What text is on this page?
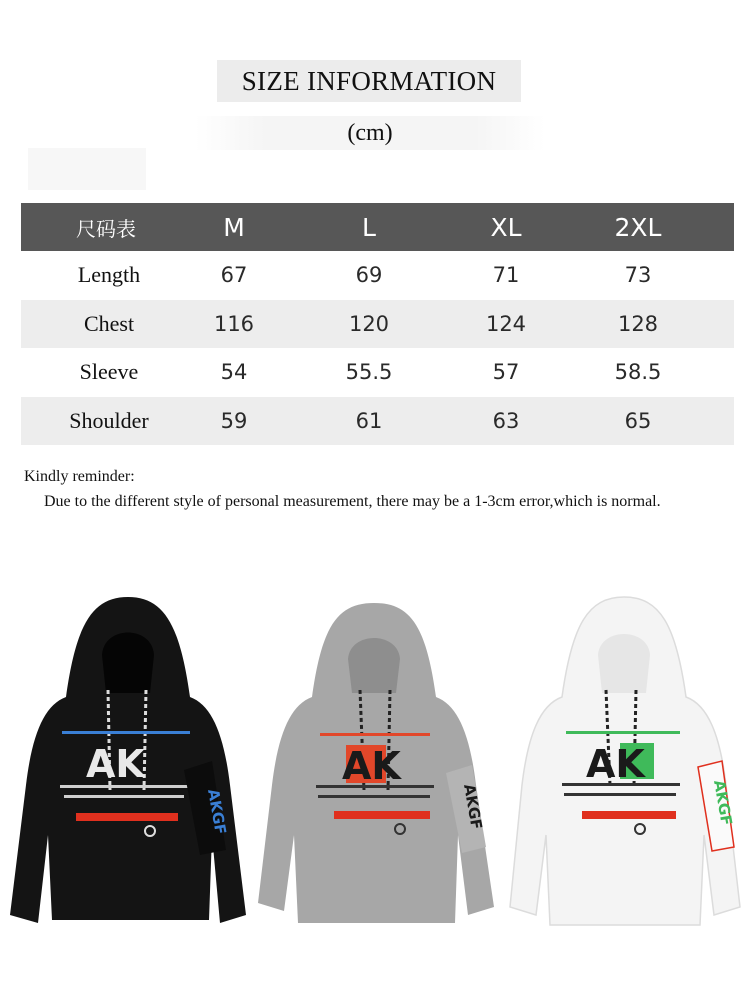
SIZE INFORMATION
(cm)
尺码表	M	L	XL	2XL
Length	67	69	71	73
Chest	116	120	124	128
Sleeve	54	55.5	57	58.5
Shoulder	59	61	63	65
Kindly reminder:
Due to the different style of personal measurement, there may be a 1-3cm error,which is normal.
AK
AKGF
AK
AKGF
AK
AKGF
